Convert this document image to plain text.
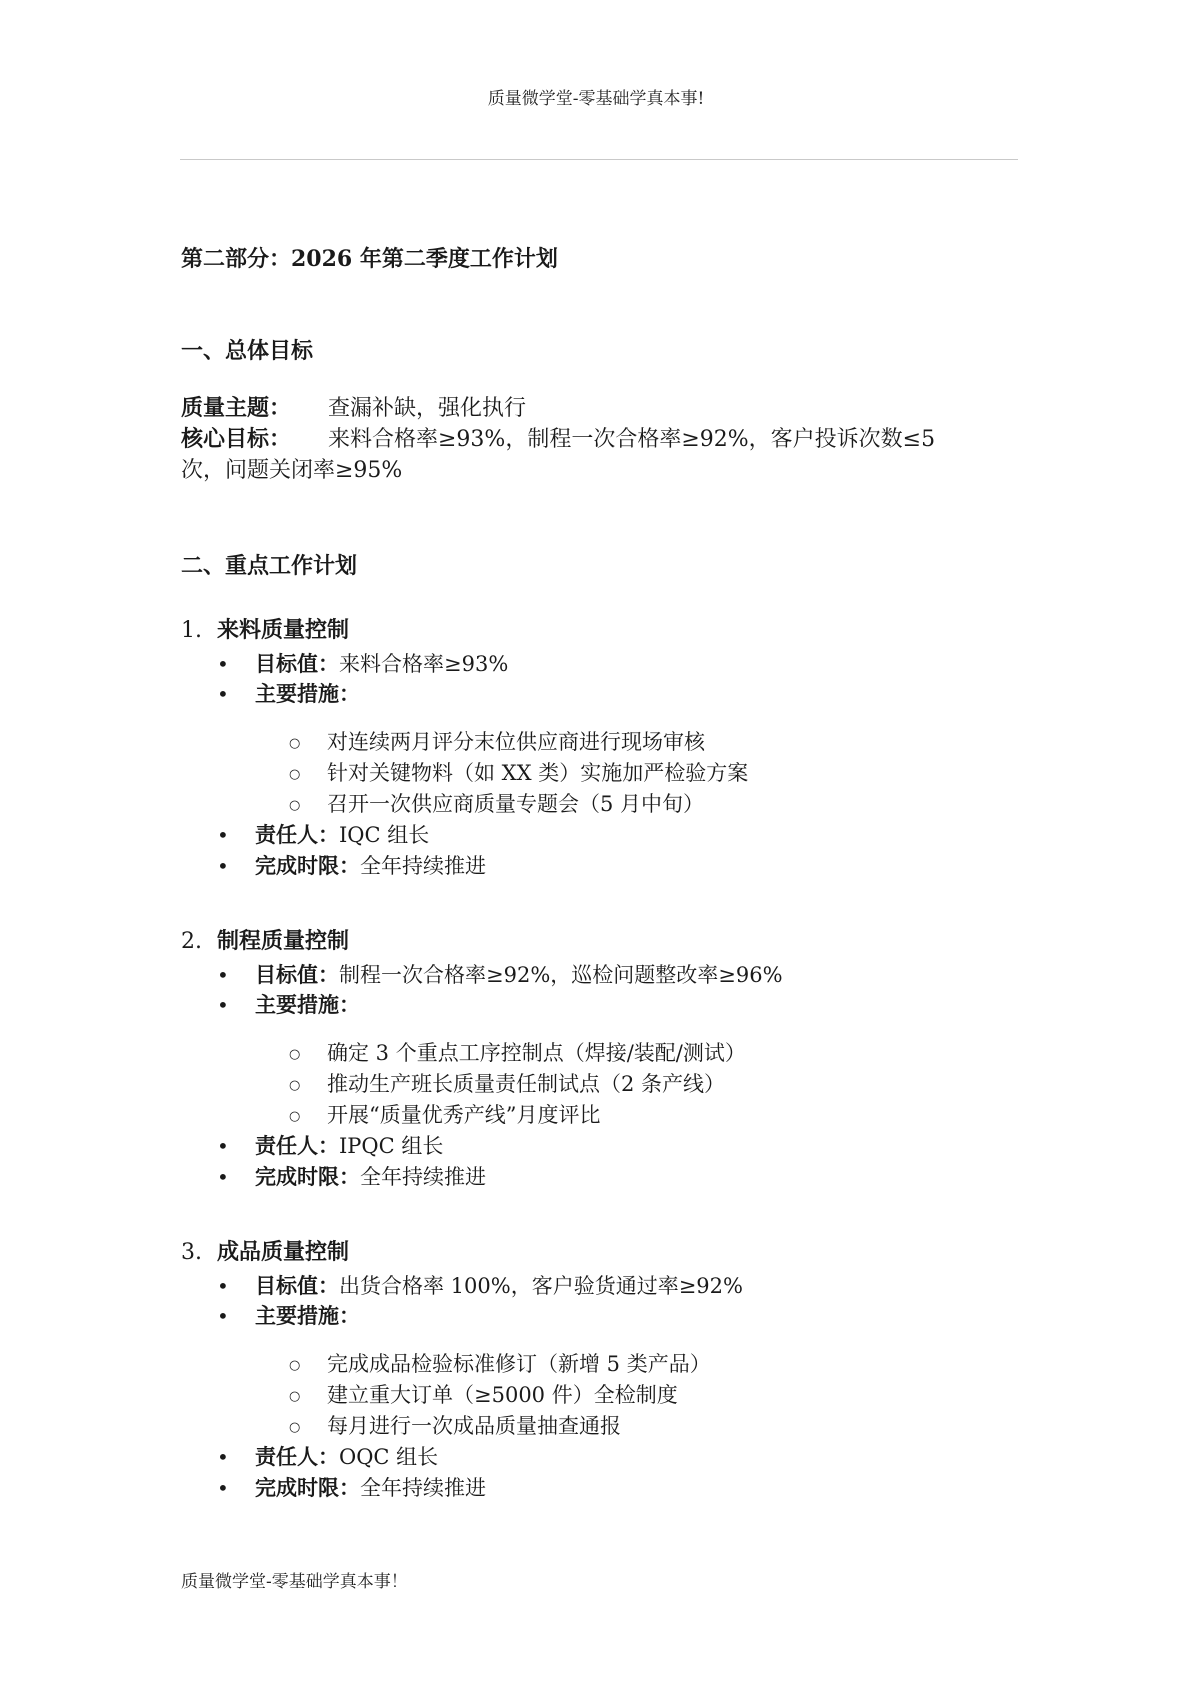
质量微学堂-零基础学真本事!
第二部分：2026 年第二季度工作计划
一、总体目标
质量主题： 查漏补缺，强化执行
核心目标： 来料合格率≥93%，制程一次合格率≥92%，客户投诉次数≤5
次，问题关闭率≥95%
二、重点工作计划
1. 来料质量控制
• 目标值：来料合格率≥93%
• 主要措施：
○ 对连续两月评分末位供应商进行现场审核
○ 针对关键物料（如 XX 类）实施加严检验方案
○ 召开一次供应商质量专题会（5 月中旬）
• 责任人：IQC 组长
• 完成时限：全年持续推进
2. 制程质量控制
• 目标值：制程一次合格率≥92%，巡检问题整改率≥96%
• 主要措施：
○ 确定 3 个重点工序控制点（焊接/装配/测试）
○ 推动生产班长质量责任制试点（2 条产线）
○ 开展“质量优秀产线”月度评比
• 责任人：IPQC 组长
• 完成时限：全年持续推进
3. 成品质量控制
• 目标值：出货合格率 100%，客户验货通过率≥92%
• 主要措施：
○ 完成成品检验标准修订（新增 5 类产品）
○ 建立重大订单（≥5000 件）全检制度
○ 每月进行一次成品质量抽查通报
• 责任人：OQC 组长
• 完成时限：全年持续推进
质量微学堂-零基础学真本事！
